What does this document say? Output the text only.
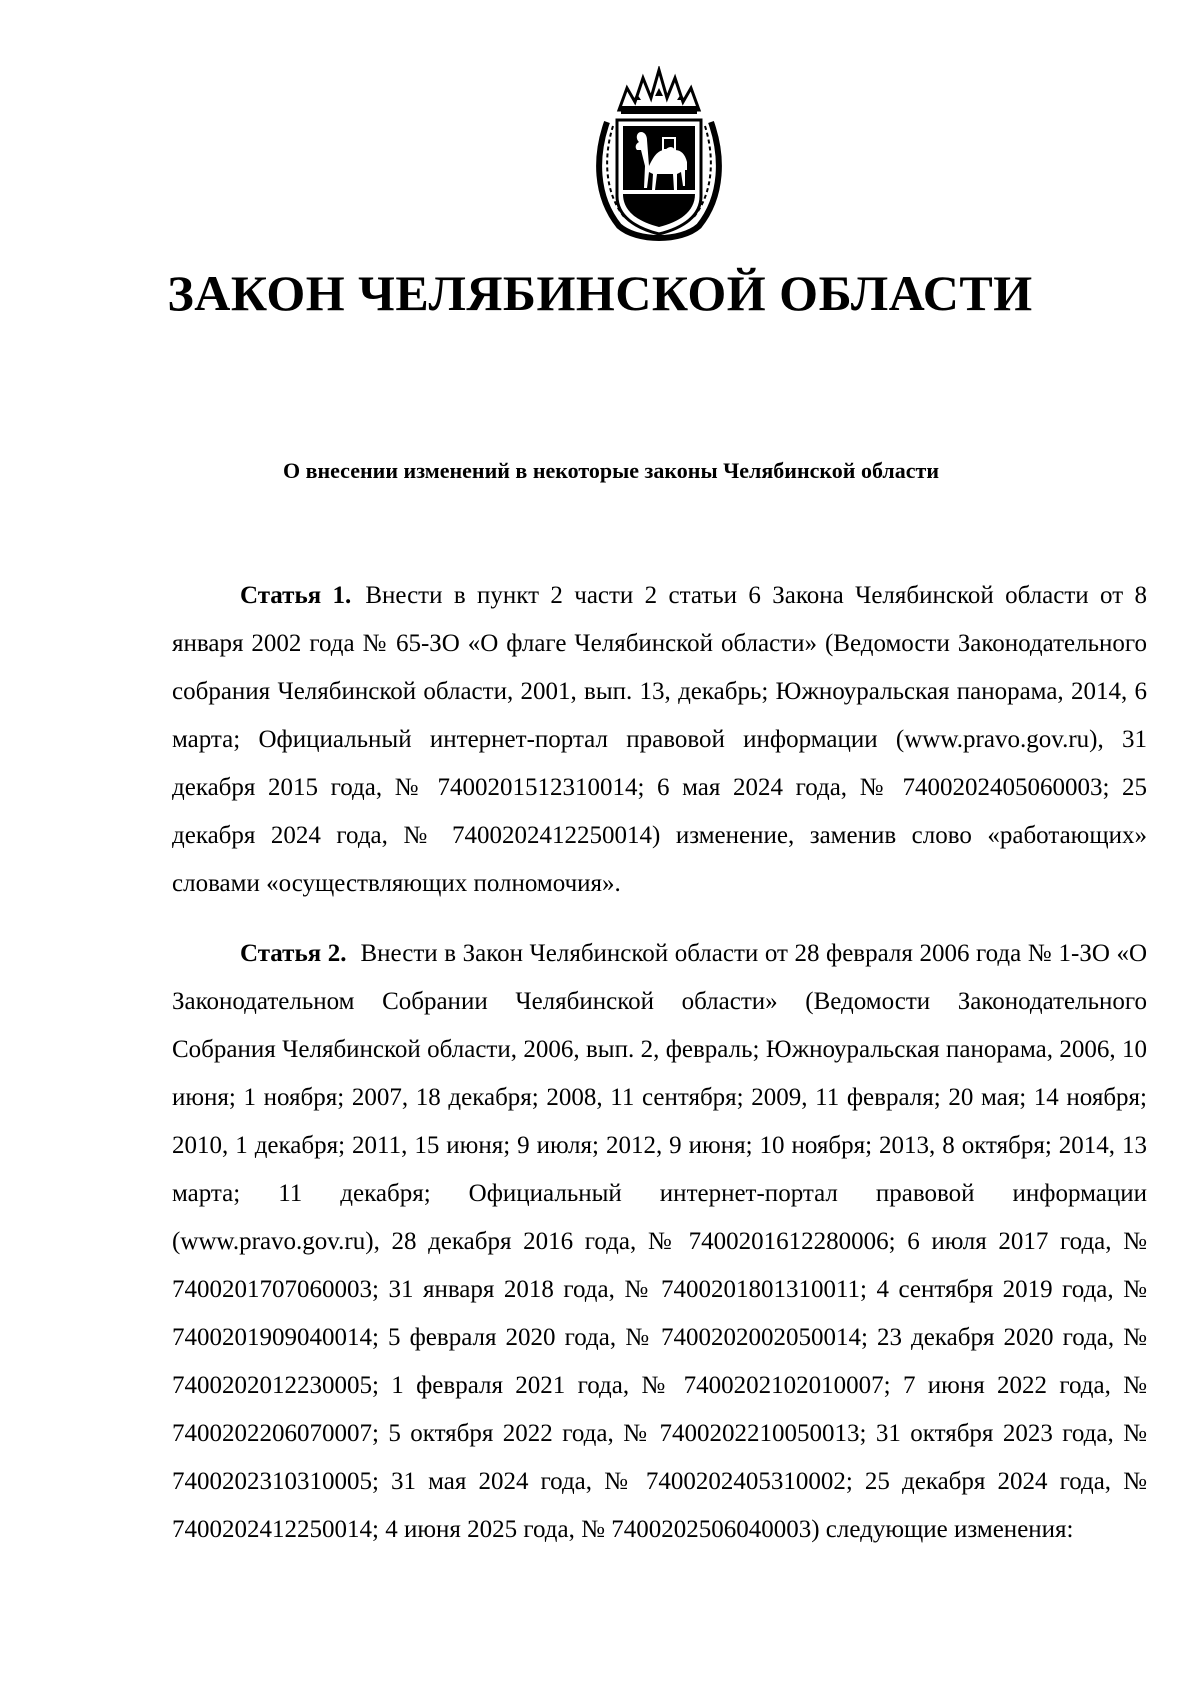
ЗАКОН ЧЕЛЯБИНСКОЙ ОБЛАСТИ
О внесении изменений в некоторые законы Челябинской области

Статья 1. Внести в пункт 2 части 2 статьи 6 Закона Челябинской области от 8 января 2002 года № 65-ЗО «О флаге Челябинской области» (Ведомости Законодательного собрания Челябинской области, 2001, вып. 13, декабрь; Южноуральская панорама, 2014, 6 марта; Официальный интернет-портал правовой информации (www.pravo.gov.ru), 31 декабря 2015 года, № 7400201512310014; 6 мая 2024 года, № 7400202405060003; 25 декабря 2024 года, № 7400202412250014) изменение, заменив слово «работающих» словами «осуществляющих полномочия».

Статья 2. Внести в Закон Челябинской области от 28 февраля 2006 года № 1-ЗО «О Законодательном Собрании Челябинской области» (Ведомости Законодательного Собрания Челябинской области, 2006, вып. 2, февраль; Южноуральская панорама, 2006, 10 июня; 1 ноября; 2007, 18 декабря; 2008, 11 сентября; 2009, 11 февраля; 20 мая; 14 ноября; 2010, 1 декабря; 2011, 15 июня; 9 июля; 2012, 9 июня; 10 ноября; 2013, 8 октября; 2014, 13 марта; 11 декабря; Официальный интернет-портал правовой информации (www.pravo.gov.ru), 28 декабря 2016 года, № 7400201612280006; 6 июля 2017 года, № 7400201707060003; 31 января 2018 года, № 7400201801310011; 4 сентября 2019 года, № 7400201909040014; 5 февраля 2020 года, № 7400202002050014; 23 декабря 2020 года, № 7400202012230005; 1 февраля 2021 года, № 7400202102010007; 7 июня 2022 года, № 7400202206070007; 5 октября 2022 года, № 7400202210050013; 31 октября 2023 года, № 7400202310310005; 31 мая 2024 года, № 7400202405310002; 25 декабря 2024 года, № 7400202412250014; 4 июня 2025 года, № 7400202506040003) следующие изменения:
